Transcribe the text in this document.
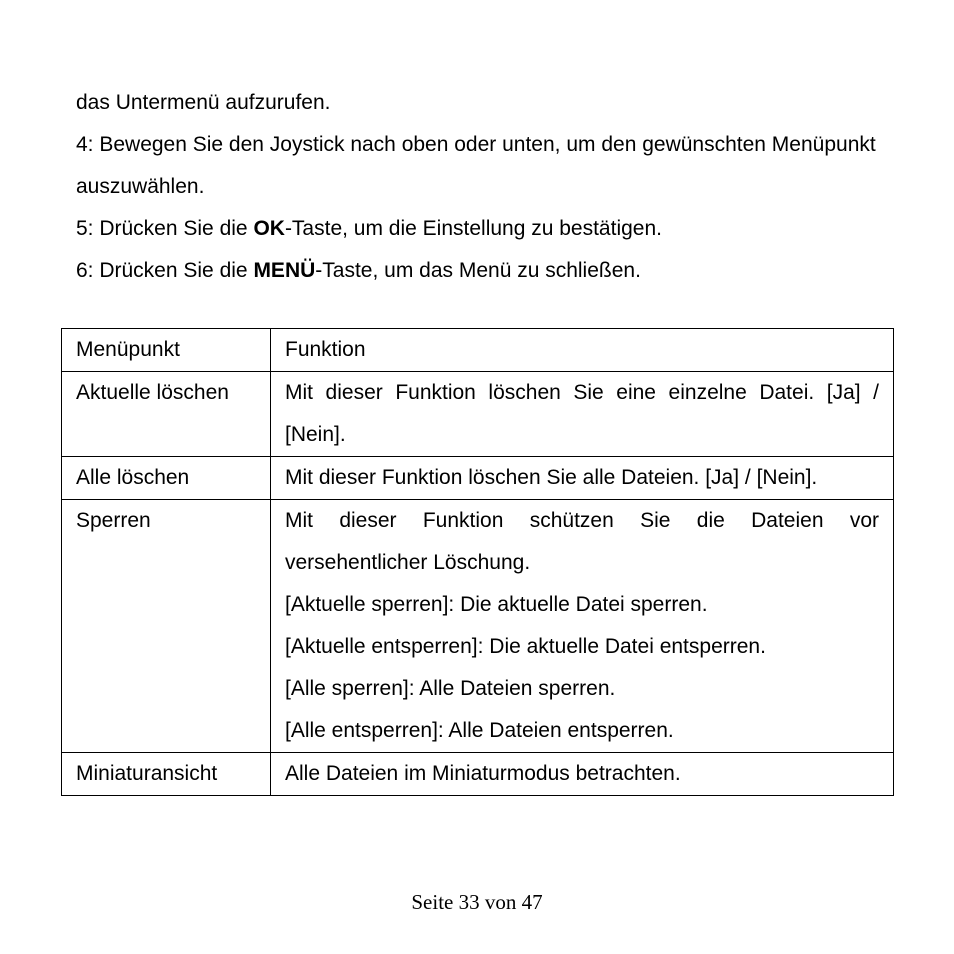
das Untermenü aufzurufen.

4: Bewegen Sie den Joystick nach oben oder unten, um den gewünschten Menüpunkt auszuwählen.

5: Drücken Sie die OK-Taste, um die Einstellung zu bestätigen.

6: Drücken Sie die MENÜ-Taste, um das Menü zu schließen.

Menüpunkt	Funktion
Aktuelle löschen	Mit dieser Funktion löschen Sie eine einzelne Datei. [Ja] / [Nein].
Alle löschen	Mit dieser Funktion löschen Sie alle Dateien. [Ja] / [Nein].
Sperren	Mit dieser Funktion schützen Sie die Dateien vor versehentlicher Löschung.
[Aktuelle sperren]: Die aktuelle Datei sperren.
[Aktuelle entsperren]: Die aktuelle Datei entsperren.
[Alle sperren]: Alle Dateien sperren.
[Alle entsperren]: Alle Dateien entsperren.

Miniaturansicht	Alle Dateien im Miniaturmodus betrachten.
Seite 33 von 47
